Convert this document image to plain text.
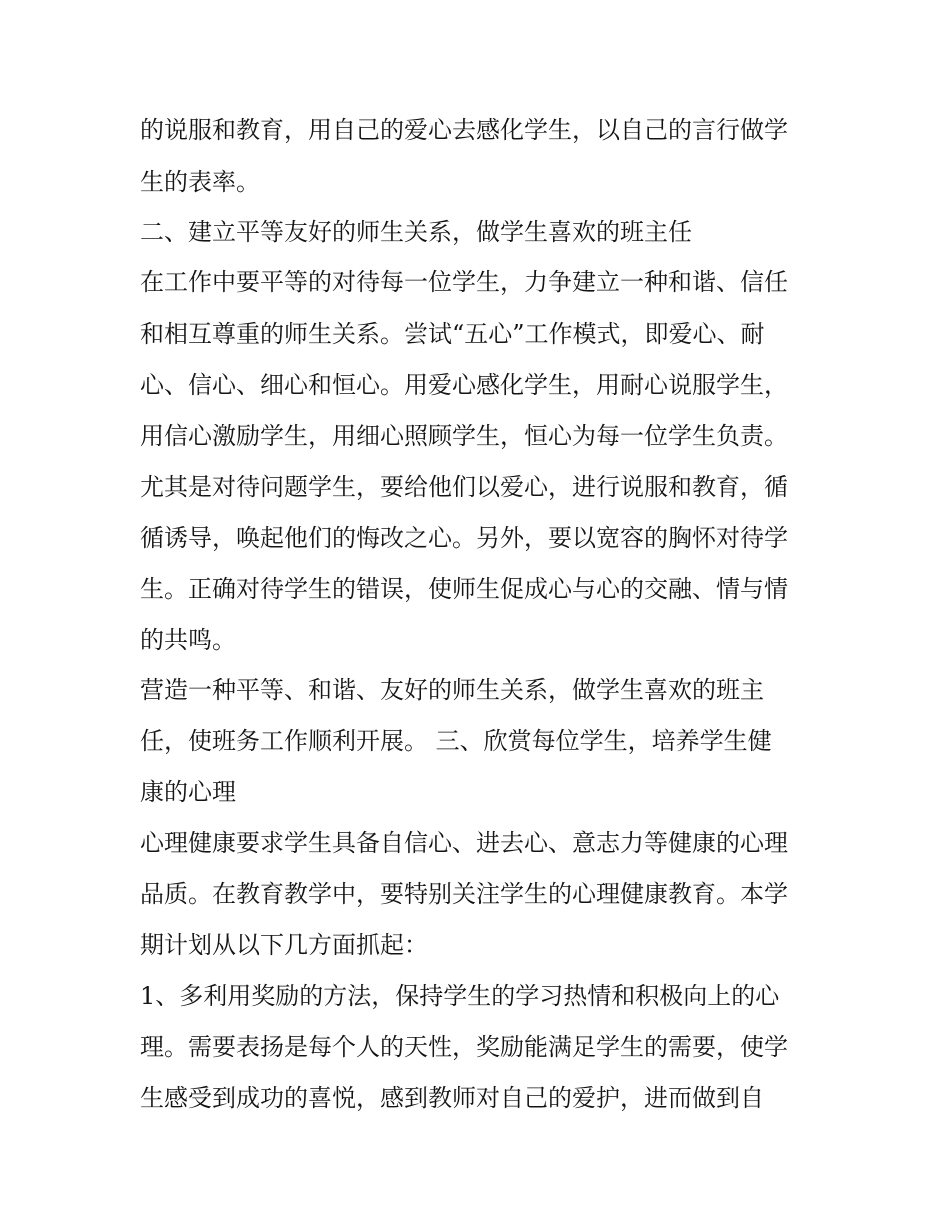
的说服和教育，用自己的爱心去感化学生，以自己的言行做学
生的表率。
二、建立平等友好的师生关系，做学生喜欢的班主任
在工作中要平等的对待每一位学生，力争建立一种和谐、信任
和相互尊重的师生关系。尝试“五心”工作模式，即爱心、耐
心、信心、细心和恒心。用爱心感化学生，用耐心说服学生，
用信心激励学生，用细心照顾学生，恒心为每一位学生负责。
尤其是对待问题学生，要给他们以爱心，进行说服和教育，循
循诱导，唤起他们的悔改之心。另外，要以宽容的胸怀对待学
生。正确对待学生的错误，使师生促成心与心的交融、情与情
的共鸣。
营造一种平等、和谐、友好的师生关系，做学生喜欢的班主
任，使班务工作顺利开展。 三、欣赏每位学生，培养学生健
康的心理
心理健康要求学生具备自信心、进去心、意志力等健康的心理
品质。在教育教学中，要特别关注学生的心理健康教育。本学
期计划从以下几方面抓起：
1、多利用奖励的方法，保持学生的学习热情和积极向上的心
理。需要表扬是每个人的天性，奖励能满足学生的需要，使学
生感受到成功的喜悦，感到教师对自己的爱护，进而做到自
